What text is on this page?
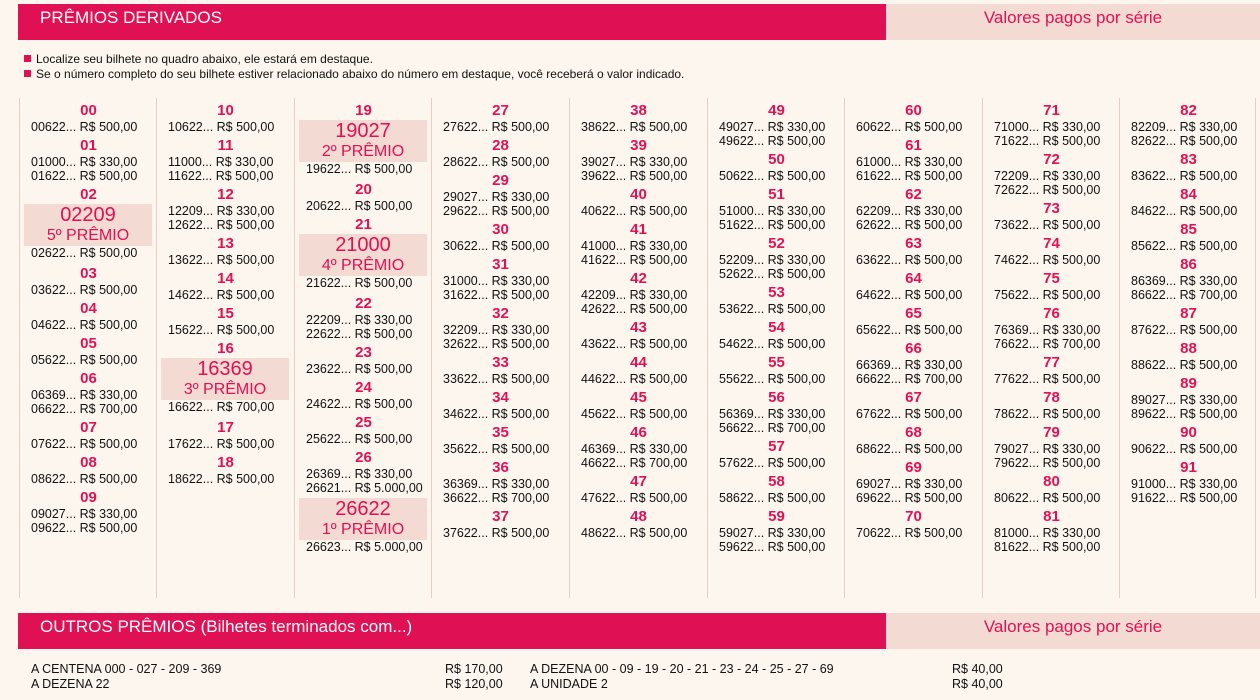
PRÊMIOS DERIVADOS	Valores pagos por série
Localize seu bilhete no quadro abaixo, ele estará em destaque.
Se o número completo do seu bilhete estiver relacionado abaixo do número em destaque, você receberá o valor indicado.
00
00622... R$ 500,00
01
01000... R$ 330,00
01622... R$ 500,00
02
02209
5º PRÊMIO
02622... R$ 500,00
03
03622... R$ 500,00
04
04622... R$ 500,00
05
05622... R$ 500,00
06
06369... R$ 330,00
06622... R$ 700,00
07
07622... R$ 500,00
08
08622... R$ 500,00
09
09027... R$ 330,00
09622... R$ 500,00
10
10622... R$ 500,00
11
11000... R$ 330,00
11622... R$ 500,00
12
12209... R$ 330,00
12622... R$ 500,00
13
13622... R$ 500,00
14
14622... R$ 500,00
15
15622... R$ 500,00
16
16369
3º PRÊMIO
16622... R$ 700,00
17
17622... R$ 500,00
18
18622... R$ 500,00
19
19027
2º PRÊMIO
19622... R$ 500,00
20
20622... R$ 500,00
21
21000
4º PRÊMIO
21622... R$ 500,00
22
22209... R$ 330,00
22622... R$ 500,00
23
23622... R$ 500,00
24
24622... R$ 500,00
25
25622... R$ 500,00
26
26369... R$ 330,00
26621... R$ 5.000,00
26622
1º PRÊMIO
26623... R$ 5.000,00
27
27622... R$ 500,00
28
28622... R$ 500,00
29
29027... R$ 330,00
29622... R$ 500,00
30
30622... R$ 500,00
31
31000... R$ 330,00
31622... R$ 500,00
32
32209... R$ 330,00
32622... R$ 500,00
33
33622... R$ 500,00
34
34622... R$ 500,00
35
35622... R$ 500,00
36
36369... R$ 330,00
36622... R$ 700,00
37
37622... R$ 500,00
38
38622... R$ 500,00
39
39027... R$ 330,00
39622... R$ 500,00
40
40622... R$ 500,00
41
41000... R$ 330,00
41622... R$ 500,00
42
42209... R$ 330,00
42622... R$ 500,00
43
43622... R$ 500,00
44
44622... R$ 500,00
45
45622... R$ 500,00
46
46369... R$ 330,00
46622... R$ 700,00
47
47622... R$ 500,00
48
48622... R$ 500,00
49
49027... R$ 330,00
49622... R$ 500,00
50
50622... R$ 500,00
51
51000... R$ 330,00
51622... R$ 500,00
52
52209... R$ 330,00
52622... R$ 500,00
53
53622... R$ 500,00
54
54622... R$ 500,00
55
55622... R$ 500,00
56
56369... R$ 330,00
56622... R$ 700,00
57
57622... R$ 500,00
58
58622... R$ 500,00
59
59027... R$ 330,00
59622... R$ 500,00
60
60622... R$ 500,00
61
61000... R$ 330,00
61622... R$ 500,00
62
62209... R$ 330,00
62622... R$ 500,00
63
63622... R$ 500,00
64
64622... R$ 500,00
65
65622... R$ 500,00
66
66369... R$ 330,00
66622... R$ 700,00
67
67622... R$ 500,00
68
68622... R$ 500,00
69
69027... R$ 330,00
69622... R$ 500,00
70
70622... R$ 500,00
71
71000... R$ 330,00
71622... R$ 500,00
72
72209... R$ 330,00
72622... R$ 500,00
73
73622... R$ 500,00
74
74622... R$ 500,00
75
75622... R$ 500,00
76
76369... R$ 330,00
76622... R$ 700,00
77
77622... R$ 500,00
78
78622... R$ 500,00
79
79027... R$ 330,00
79622... R$ 500,00
80
80622... R$ 500,00
81
81000... R$ 330,00
81622... R$ 500,00
82
82209... R$ 330,00
82622... R$ 500,00
83
83622... R$ 500,00
84
84622... R$ 500,00
85
85622... R$ 500,00
86
86369... R$ 330,00
86622... R$ 700,00
87
87622... R$ 500,00
88
88622... R$ 500,00
89
89027... R$ 330,00
89622... R$ 500,00
90
90622... R$ 500,00
91
91000... R$ 330,00
91622... R$ 500,00
OUTROS PRÊMIOS (Bilhetes terminados com...)	Valores pagos por série
A CENTENA 000 - 027 - 209 - 369
A DEZENA 22
R$ 170,00
R$ 120,00
A DEZENA 00 - 09 - 19 - 20 - 21 - 23 - 24 - 25 - 27 - 69
A UNIDADE 2
R$ 40,00
R$ 40,00
